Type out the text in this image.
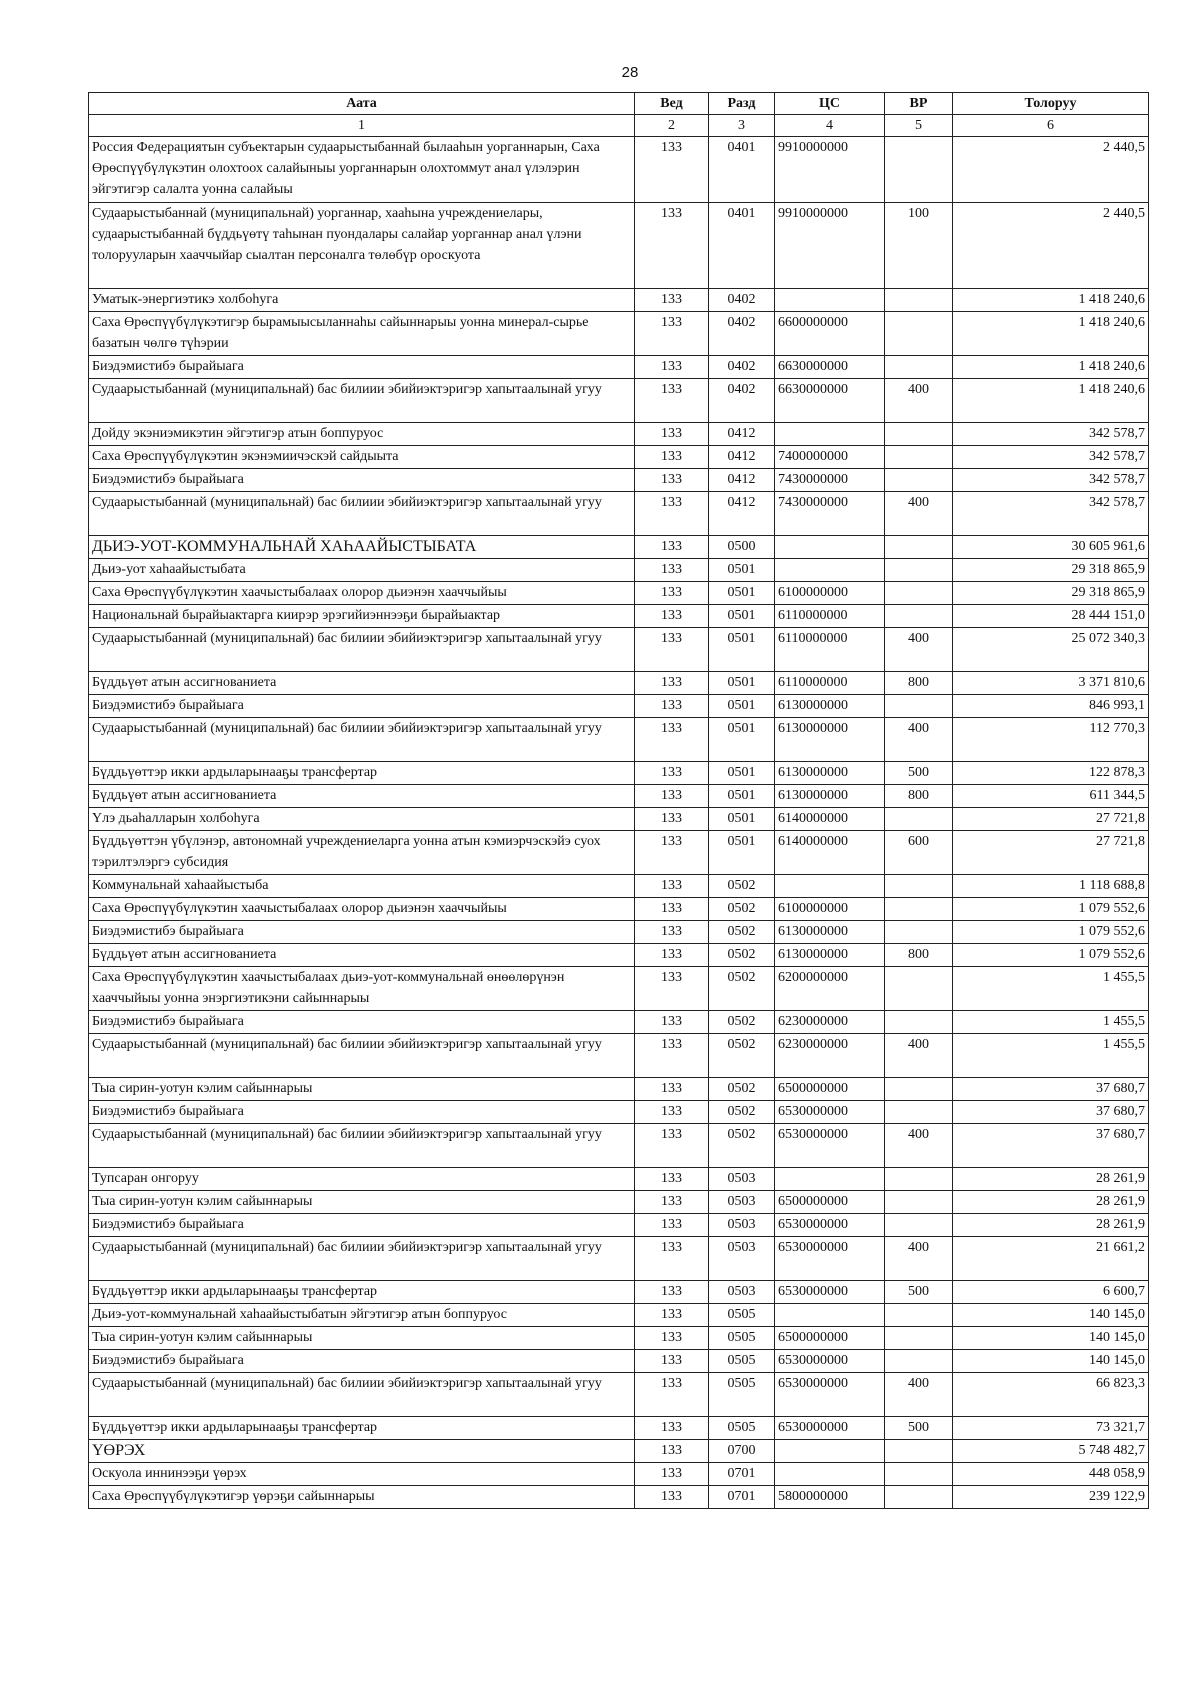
28
Аата	Вед	Разд	ЦС	ВР	Толоруу
1	2	3	4	5	6
Россия Федерациятын субъектарын судаарыстыбаннай былааһын уорганнарын, Саха Өрөспүүбүлүкэтин олохтоох салайыныы уорганнарын олохтоммут анал үлэлэрин эйгэтигэр салалта уонна салайыы	133	0401	9910000000		2 440,5
Судаарыстыбаннай (муниципальнай) уорганнар, хааһына учреждениелары, судаарыстыбаннай бүддьүөтү таһынан пуондалары салайар уорганнар анал үлэни толорууларын хааччыйар сыалтан персоналга төлөбүр ороскуота	133	0401	9910000000	100	2 440,5
Уматык-энергиэтикэ холбоһуга	133	0402			1 418 240,6
Саха Өрөспүүбүлүкэтигэр бырамыысыланнаһы сайыннарыы уонна минерал-сырье базатын чөлгө түһэрии	133	0402	6600000000		1 418 240,6
Биэдэмистибэ бырайыага	133	0402	6630000000		1 418 240,6
Судаарыстыбаннай (муниципальнай) бас билиии эбийиэктэригэр хапытаалынай угуу	133	0402	6630000000	400	1 418 240,6
Дойду экэниэмикэтин эйгэтигэр атын боппуруос	133	0412			342 578,7
Саха Өрөспүүбүлүкэтин экэнэмиичэскэй сайдыыта	133	0412	7400000000		342 578,7
Биэдэмистибэ бырайыага	133	0412	7430000000		342 578,7
Судаарыстыбаннай (муниципальнай) бас билиии эбийиэктэригэр хапытаалынай угуу	133	0412	7430000000	400	342 578,7
ДЬИЭ-УОТ-КОММУНАЛЬНАЙ ХАҺААЙЫСТЫБАТА	133	0500			30 605 961,6
Дьиэ-уот хаһаайыстыбата	133	0501			29 318 865,9
Саха Өрөспүүбүлүкэтин хаачыстыбалаах олорор дьиэнэн хааччыйыы	133	0501	6100000000		29 318 865,9
Национальнай бырайыактарга киирэр эрэгийиэннээҕи бырайыактар	133	0501	6110000000		28 444 151,0
Судаарыстыбаннай (муниципальнай) бас билиии эбийиэктэригэр хапытаалынай угуу	133	0501	6110000000	400	25 072 340,3
Бүддьүөт атын ассигнованиета	133	0501	6110000000	800	3 371 810,6
Биэдэмистибэ бырайыага	133	0501	6130000000		846 993,1
Судаарыстыбаннай (муниципальнай) бас билиии эбийиэктэригэр хапытаалынай угуу	133	0501	6130000000	400	112 770,3
Бүддьүөттэр икки ардыларынааҕы трансфертар	133	0501	6130000000	500	122 878,3
Бүддьүөт атын ассигнованиета	133	0501	6130000000	800	611 344,5
Үлэ дьаһалларын холбоһуга	133	0501	6140000000		27 721,8
Бүддьүөттэн үбүлэнэр, автономнай учреждениеларга уонна атын кэмиэрчэскэйэ суох тэрилтэлэргэ субсидия	133	0501	6140000000	600	27 721,8
Коммунальнай хаһаайыстыба	133	0502			1 118 688,8
Саха Өрөспүүбүлүкэтин хаачыстыбалаах олорор дьиэнэн хааччыйыы	133	0502	6100000000		1 079 552,6
Биэдэмистибэ бырайыага	133	0502	6130000000		1 079 552,6
Бүддьүөт атын ассигнованиета	133	0502	6130000000	800	1 079 552,6
Саха Өрөспүүбүлүкэтин хаачыстыбалаах дьиэ-уот-коммунальнай өнөөлөрүнэн хааччыйыы уонна энэргиэтикэни сайыннарыы	133	0502	6200000000		1 455,5
Биэдэмистибэ бырайыага	133	0502	6230000000		1 455,5
Судаарыстыбаннай (муниципальнай) бас билиии эбийиэктэригэр хапытаалынай угуу	133	0502	6230000000	400	1 455,5
Тыа сирин-уотун кэлим сайыннарыы	133	0502	6500000000		37 680,7
Биэдэмистибэ бырайыага	133	0502	6530000000		37 680,7
Судаарыстыбаннай (муниципальнай) бас билиии эбийиэктэригэр хапытаалынай угуу	133	0502	6530000000	400	37 680,7
Тупсаран онгоруу	133	0503			28 261,9
Тыа сирин-уотун кэлим сайыннарыы	133	0503	6500000000		28 261,9
Биэдэмистибэ бырайыага	133	0503	6530000000		28 261,9
Судаарыстыбаннай (муниципальнай) бас билиии эбийиэктэригэр хапытаалынай угуу	133	0503	6530000000	400	21 661,2
Бүддьүөттэр икки ардыларынааҕы трансфертар	133	0503	6530000000	500	6 600,7
Дьиэ-уот-коммунальнай хаһаайыстыбатын эйгэтигэр атын боппуруос	133	0505			140 145,0
Тыа сирин-уотун кэлим сайыннарыы	133	0505	6500000000		140 145,0
Биэдэмистибэ бырайыага	133	0505	6530000000		140 145,0
Судаарыстыбаннай (муниципальнай) бас билиии эбийиэктэригэр хапытаалынай угуу	133	0505	6530000000	400	66 823,3
Бүддьүөттэр икки ардыларынааҕы трансфертар	133	0505	6530000000	500	73 321,7
ҮӨРЭХ	133	0700			5 748 482,7
Оскуола иннинээҕи үөрэх	133	0701			448 058,9
Саха Өрөспүүбүлүкэтигэр үөрэҕи сайыннарыы	133	0701	5800000000		239 122,9
